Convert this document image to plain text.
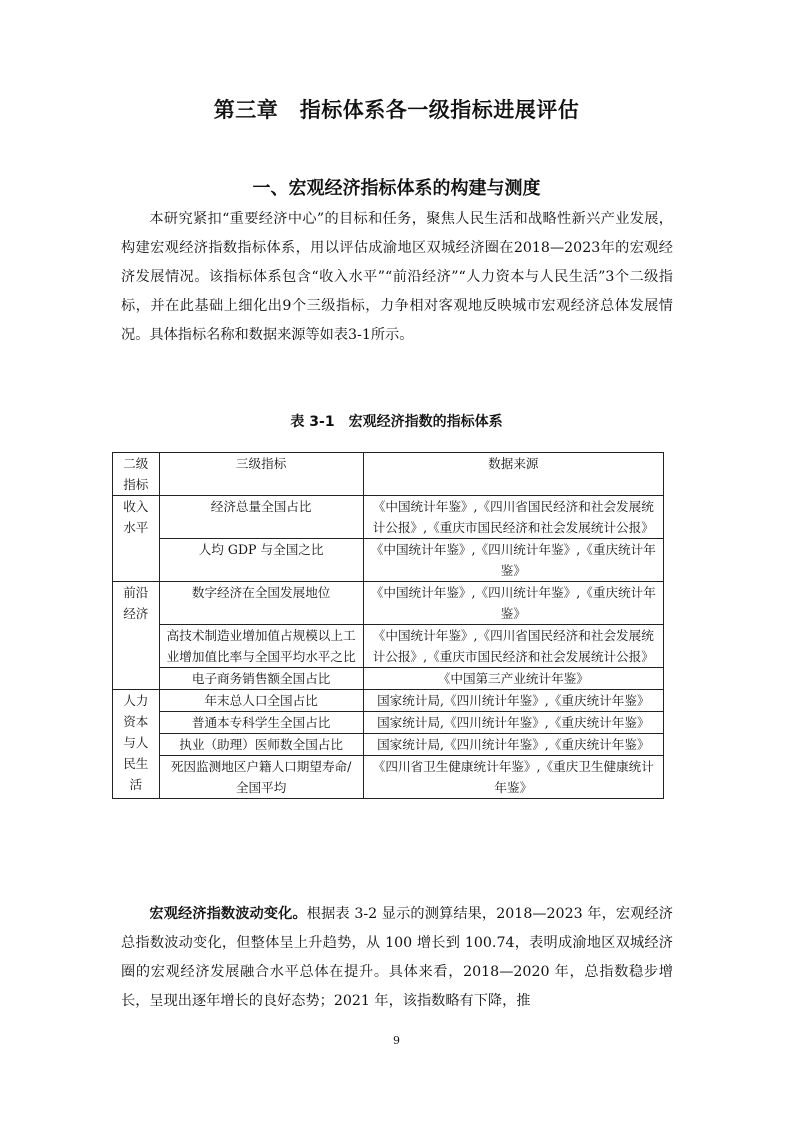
第三章　指标体系各一级指标进展评估
一、宏观经济指标体系的构建与测度

本研究紧扣“重要经济中心”的目标和任务，聚焦人民生活和战略性新兴产业发展，构建宏观经济指数指标体系，用以评估成渝地区双城经济圈在2018—2023年的宏观经济发展情况。该指标体系包含“收入水平”“前沿经济”“人力资本与人民生活”3个二级指标，并在此基础上细化出9个三级指标，力争相对客观地反映城市宏观经济总体发展情况。具体指标名称和数据来源等如表3-1所示。

表 3-1　宏观经济指数的指标体系

二级指标	三级指标	数据来源
收入水平	经济总量全国占比	《中国统计年鉴》,《四川省国民经济和社会发展统计公报》,《重庆市国民经济和社会发展统计公报》
	人均 GDP 与全国之比	《中国统计年鉴》,《四川统计年鉴》,《重庆统计年鉴》
前沿经济	数字经济在全国发展地位	《中国统计年鉴》,《四川统计年鉴》,《重庆统计年鉴》
	高技术制造业增加值占规模以上工业增加值比率与全国平均水平之比	《中国统计年鉴》,《四川省国民经济和社会发展统计公报》,《重庆市国民经济和社会发展统计公报》
	电子商务销售额全国占比	《中国第三产业统计年鉴》
人力资本与人民生活	年末总人口全国占比	国家统计局,《四川统计年鉴》,《重庆统计年鉴》
	普通本专科学生全国占比	国家统计局,《四川统计年鉴》,《重庆统计年鉴》
	执业（助理）医师数全国占比	国家统计局,《四川统计年鉴》,《重庆统计年鉴》
	死因监测地区户籍人口期望寿命/全国平均	《四川省卫生健康统计年鉴》,《重庆卫生健康统计年鉴》

宏观经济指数波动变化。根据表 3-2 显示的测算结果，2018—2023 年，宏观经济总指数波动变化，但整体呈上升趋势，从 100 增长到 100.74，表明成渝地区双城经济圈的宏观经济发展融合水平总体在提升。具体来看，2018—2020 年，总指数稳步增长，呈现出逐年增长的良好态势；2021 年，该指数略有下降，推

9
